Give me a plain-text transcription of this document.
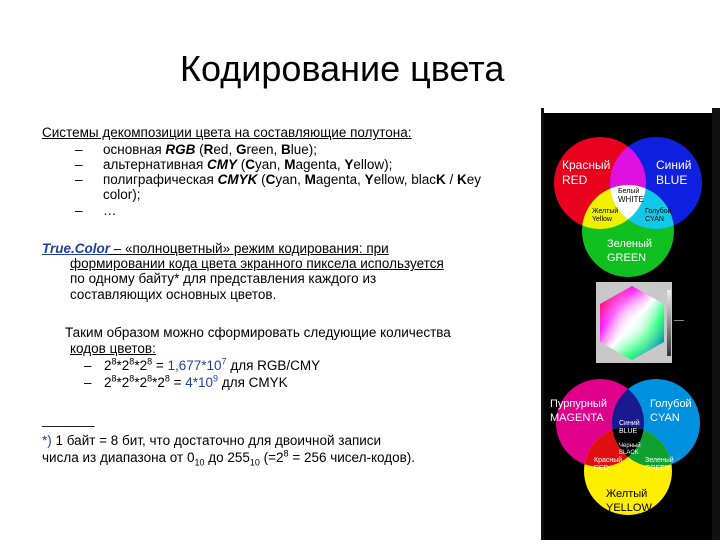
Кодирование цвета
Системы декомпозиции цвета на составляющие полутона:
– основная RGB (Red, Green, Blue);
– альтернативная CMY (Cyan, Magenta, Yellow);
– полиграфическая CMYK (Cyan, Magenta, Yellow, blacK / Key
color);
– …
True.Color – «полноцветный» режим кодирования: при
формировании кода цвета экранного пиксела используется
по одному байту* для представления каждого из
составляющих основных цветов.
Таким образом можно сформировать следующие количества
кодов цветов:
– $2^8*2^8*2^8 = 1,677*10^7$ для RGB/CMY
– $2^8*2^8*2^8*2^8 = 4*10^9$ для CMYK
_______
*) 1 байт = 8 бит, что достаточно для двоичной записи
числа из диапазона от $0_{10}$ до $255_{10}$ ($=2^8 = 256$ чисел-кодов).
Красный
RED
Синий
BLUE
Белый
WHITE
Желтый
Yellow
Голубой
CYAN
Зеленый
GREEN
Пурпурный
MAGENTA
Голубой
CYAN
Синий
BLUE
Черный
BLACK
Красный
RED
Зеленый
GREEN
Желтый
YELLOW
